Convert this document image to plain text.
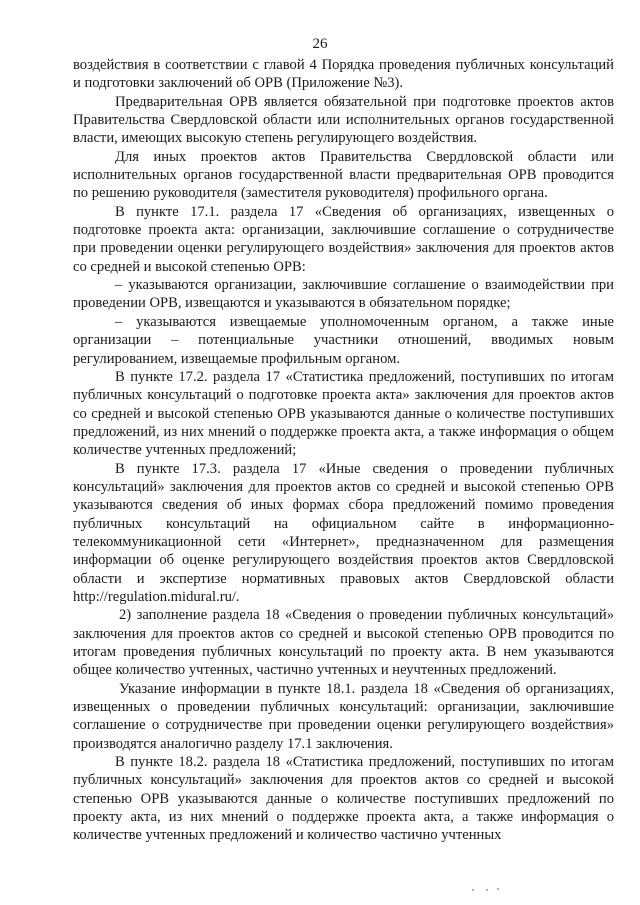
26

воздействия в соответствии с главой 4 Порядка проведения публичных консультаций и подготовки заключений об ОРВ (Приложение №3).

Предварительная ОРВ является обязательной при подготовке проектов актов Правительства Свердловской области или исполнительных органов государственной власти, имеющих высокую степень регулирующего воздействия.

Для иных проектов актов Правительства Свердловской области или исполнительных органов государственной власти предварительная ОРВ проводится по решению руководителя (заместителя руководителя) профильного органа.

В пункте 17.1. раздела 17 «Сведения об организациях, извещенных о подготовке проекта акта: организации, заключившие соглашение о сотрудничестве при проведении оценки регулирующего воздействия» заключения для проектов актов со средней и высокой степенью ОРВ:

– указываются организации, заключившие соглашение о взаимодействии при проведении ОРВ, извещаются и указываются в обязательном порядке;

– указываются извещаемые уполномоченным органом, а также иные организации – потенциальные участники отношений, вводимых новым регулированием, извещаемые профильным органом.

В пункте 17.2. раздела 17 «Статистика предложений, поступивших по итогам публичных консультаций о подготовке проекта акта» заключения для проектов актов со средней и высокой степенью ОРВ указываются данные о количестве поступивших предложений, из них мнений о поддержке проекта акта, а также информация о общем количестве учтенных предложений;

В пункте 17.3. раздела 17 «Иные сведения о проведении публичных консультаций» заключения для проектов актов со средней и высокой степенью ОРВ указываются сведения об иных формах сбора предложений помимо проведения публичных консультаций на официальном сайте в информационно-телекоммуникационной сети «Интернет», предназначенном для размещения информации об оценке регулирующего воздействия проектов актов Свердловской области и экспертизе нормативных правовых актов Свердловской области http://regulation.midural.ru/.

2) заполнение раздела 18 «Сведения о проведении публичных консультаций» заключения для проектов актов со средней и высокой степенью ОРВ проводится по итогам проведения публичных консультаций по проекту акта. В нем указываются общее количество учтенных, частично учтенных и неучтенных предложений.

Указание информации в пункте 18.1. раздела 18 «Сведения об организациях, извещенных о проведении публичных консультаций: организации, заключившие соглашение о сотрудничестве при проведении оценки регулирующего воздействия» производятся аналогично разделу 17.1 заключения.

В пункте 18.2. раздела 18 «Статистика предложений, поступивших по итогам публичных консультаций» заключения для проектов актов со средней и высокой степенью ОРВ указываются данные о количестве поступивших предложений по проекту акта, из них мнений о поддержке проекта акта, а также информация о количестве учтенных предложений и количество частично учтенных
